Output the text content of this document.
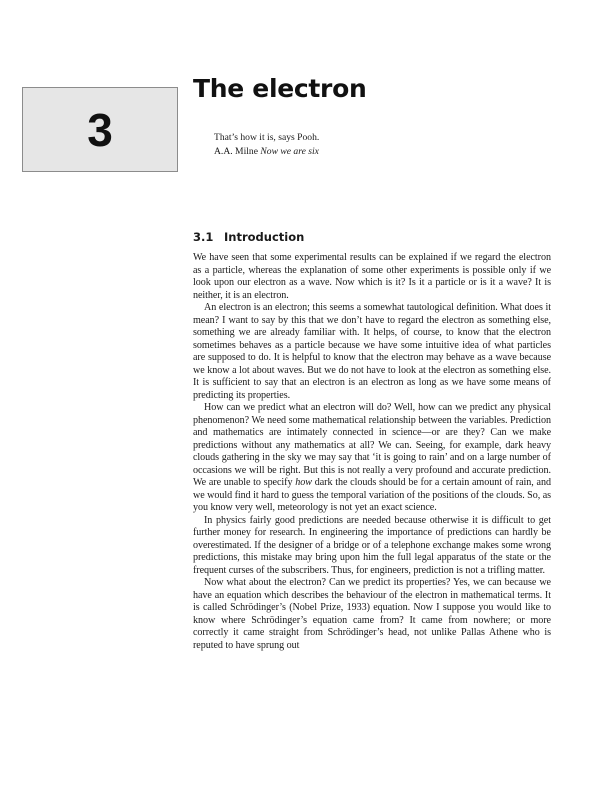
3
The electron
That’s how it is, says Pooh.
A.A. Milne Now we are six
3.1 Introduction

We have seen that some experimental results can be explained if we regard the electron as a particle, whereas the explanation of some other experiments is possible only if we look upon our electron as a wave. Now which is it? Is it a particle or is it a wave? It is neither, it is an electron.

An electron is an electron; this seems a somewhat tautological definition. What does it mean? I want to say by this that we don’t have to regard the electron as something else, something we are already familiar with. It helps, of course, to know that the electron sometimes behaves as a particle because we have some intuitive idea of what particles are supposed to do. It is helpful to know that the electron may behave as a wave because we know a lot about waves. But we do not have to look at the electron as something else. It is sufficient to say that an electron is an electron as long as we have some means of predicting its properties.

How can we predict what an electron will do? Well, how can we predict any physical phenomenon? We need some mathematical relationship between the variables. Prediction and mathematics are intimately connected in science—or are they? Can we make predictions without any mathematics at all? We can. Seeing, for example, dark heavy clouds gathering in the sky we may say that ‘it is going to rain’ and on a large number of occasions we will be right. But this is not really a very profound and accurate prediction. We are unable to specify how dark the clouds should be for a certain amount of rain, and we would find it hard to guess the temporal variation of the positions of the clouds. So, as you know very well, meteorology is not yet an exact science.

In physics fairly good predictions are needed because otherwise it is difficult to get further money for research. In engineering the importance of predictions can hardly be overestimated. If the designer of a bridge or of a telephone exchange makes some wrong predictions, this mistake may bring upon him the full legal apparatus of the state or the frequent curses of the subscribers. Thus, for engineers, prediction is not a trifling matter.

Now what about the electron? Can we predict its properties? Yes, we can because we have an equation which describes the behaviour of the electron in mathematical terms. It is called Schrödinger’s (Nobel Prize, 1933) equation. Now I suppose you would like to know where Schrödinger’s equation came from? It came from nowhere; or more correctly it came straight from Schrödinger’s head, not unlike Pallas Athene who is reputed to have sprung out
